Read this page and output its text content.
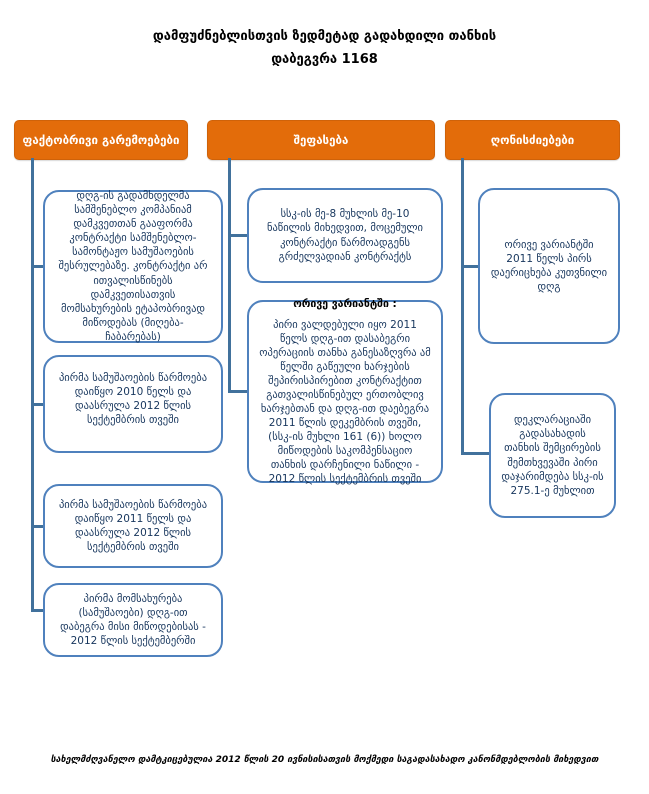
დამფუძნებლისთვის ზედმეტად გადახდილი თანხის
დაბეგვრა 1168
ფაქტობრივი გარემოებები	შეფასება	ღონისძიებები
დღგ-ის გადამხდელმა სამშენებლო კომპანიამ დამკვეთთან გააფორმა კონტრაქტი სამშენებლო-სამონტაჟო სამუშაოების შესრულებაზე. კონტრაქტი არ ითვალისწინებს დამკვეთისათვის მომსახურების ეტაპობრივად მიწოდებას (მიღება-ჩაბარებას)
პირმა სამუშაოების წარმოება დაიწყო 2010 წელს და დაასრულა 2012 წლის სექტემბრის თვეში
პირმა სამუშაოების წარმოება დაიწყო 2011 წელს და დაასრულა 2012 წლის სექტემბრის თვეში
პირმა მომსახურება (სამუშაოები) დღგ-ით დაბეგრა მისი მიწოდებისას - 2012 წლის სექტემბერში
სსკ-ის მე-8 მუხლის მე-10 ნაწილის მიხედვით, მოცემული კონტრაქტი წარმოადგენს გრძელვადიან კონტრაქტს
ორივე ვარიანტში :
პირი ვალდებული იყო 2011 წელს დღგ-ით დასაბეგრი ოპერაციის თანხა განესაზღვრა ამ წელში გაწეული ხარჯების შეპირისპირებით კონტრაქტით გათვალისწინებულ ერთობლივ ხარჯებთან და დღგ-ით დაებეგრა 2011 წლის დეკემბრის თვეში, (სსკ-ის მუხლი 161 (6)) ხოლო მიწოდების საკომპენსაციო თანხის დარჩენილი ნაწილი - 2012 წლის სექტემბრის თვეში
ორივე ვარიანტში 2011 წელს პირს დაერიცხება კუთვნილი დღგ
დეკლარაციაში გადასახადის თანხის შემცირების შემთხვევაში პირი დაჯარიმდება სსკ-ის 275.1-ე მუხლით
სახელმძღვანელო დამტკიცებულია 2012 წლის 20 ივნისისათვის მოქმედი საგადასახადო კანონმდებლობის მიხედვით
